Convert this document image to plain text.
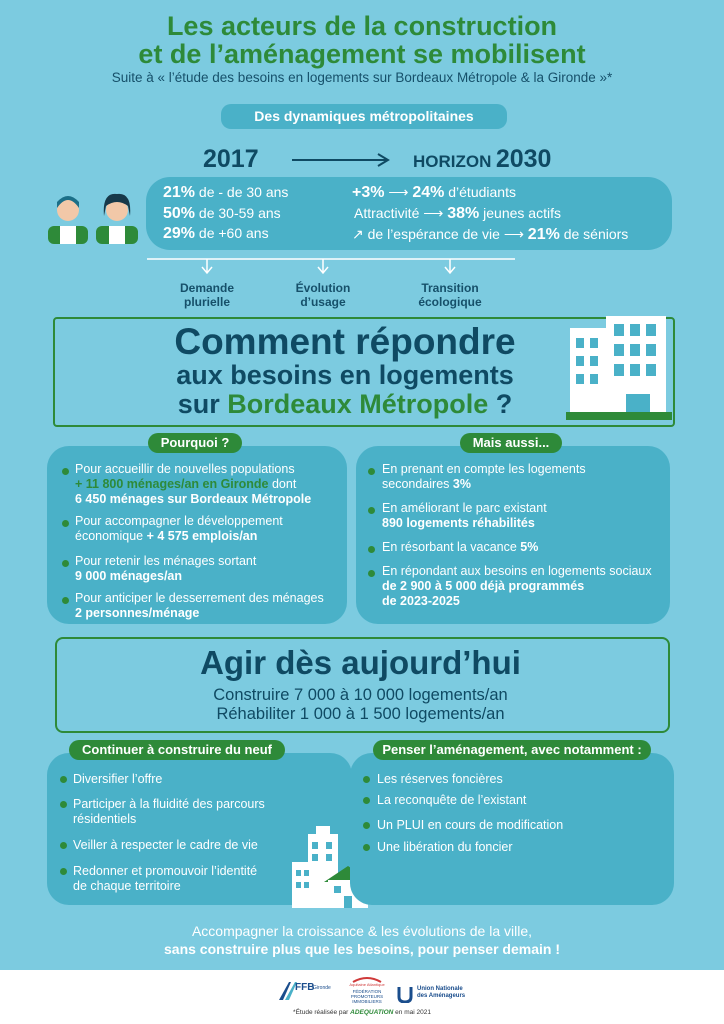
Les acteurs de la construction
et de l’aménagement se mobilisent
Suite à « l’étude des besoins en logements sur Bordeaux Métropole & la Gironde »*
Des dynamiques métropolitaines
2017	HORIZON 2030
21% de - de 30 ans
50% de 30-59 ans
29% de +60 ans
+3% ⟶ 24% d’étudiants
Attractivité ⟶ 38% jeunes actifs
↗ de l’espérance de vie ⟶ 21% de séniors
Demande
plurielle
Évolution
d’usage
Transition
écologique
Comment répondre
aux besoins en logements
sur Bordeaux Métropole ?
Pourquoi ?
Pour accueillir de nouvelles populations
+ 11 800 ménages/an en Gironde dont
6 450 ménages sur Bordeaux Métropole
Pour accompagner le développement
économique + 4 575 emplois/an
Pour retenir les ménages sortant
9 000 ménages/an
Pour anticiper le desserrement des ménages
2 personnes/ménage
Mais aussi...
En prenant en compte les logements
secondaires 3%
En améliorant le parc existant
890 logements réhabilités
En résorbant la vacance 5%
En répondant aux besoins en logements sociaux
de 2 900 à 5 000 déjà programmés
de 2023-2025
Agir dès aujourd’hui
Construire 7 000 à 10 000 logements/an
Réhabiliter 1 000 à 1 500 logements/an
Continuer à construire du neuf
Diversifier l’offre
Participer à la fluidité des parcours
résidentiels
Veiller à respecter le cadre de vie
Redonner et promouvoir l’identité
de chaque territoire
Penser l’aménagement, avec notamment :
Les réserves foncières
La reconquête de l’existant
Un PLUI en cours de modification
Une libération du foncier
Accompagner la croissance & les évolutions de la ville,
sans construire plus que les besoins, pour penser demain !
FFB
Gironde
Aquitaine Atlantique
FÉDÉRATION
PROMOTEURS
IMMOBILIERS
Union Nationale
des Aménageurs
*Étude réalisée par ADEQUATION en mai 2021
